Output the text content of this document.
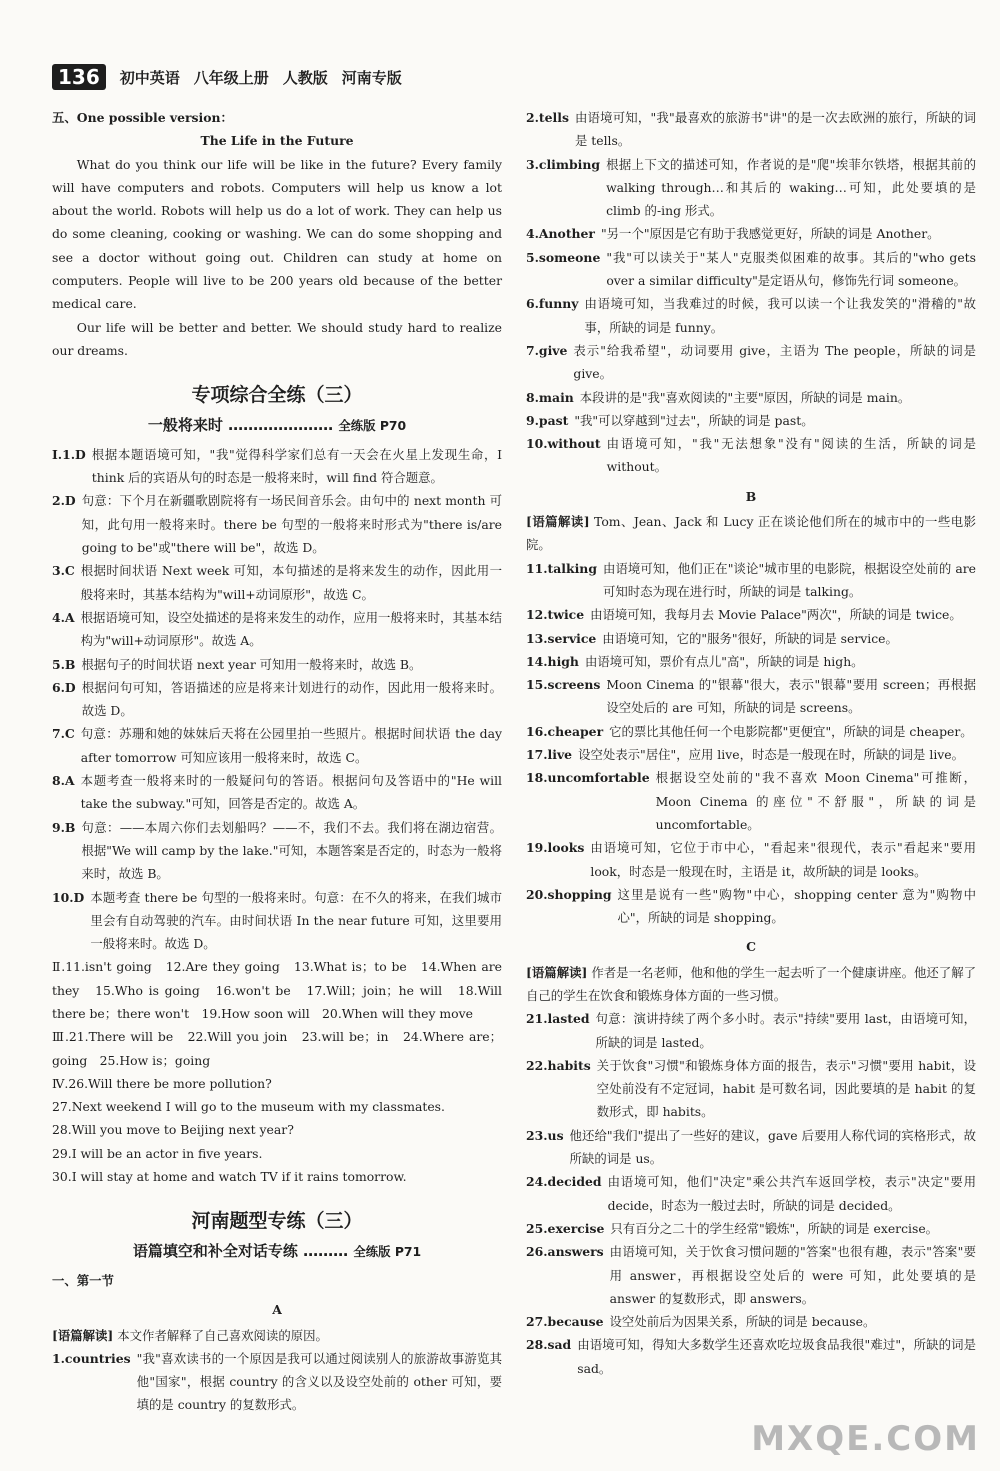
136	初中英语 八年级上册 人教版 河南专版

五、One possible version：

The Life in the Future

What do you think our life will be like in the future? Every family will have computers and robots. Computers will help us know a lot about the world. Robots will help us do a lot of work. They can help us do some cleaning, cooking or washing. We can do some shopping and see a doctor without going out. Children can study at home on computers. People will live to be 200 years old because of the better medical care.

Our life will be better and better. We should study hard to realize our dreams.

专项综合全练（三）
一般将来时 ………………… 全练版 P70
Ⅰ.1.D 根据本题语境可知，"我"觉得科学家们总有一天会在火星上发现生命，I think 后的宾语从句的时态是一般将来时，will find 符合题意。
2.D 句意：下个月在新疆歌剧院将有一场民间音乐会。由句中的 next month 可知，此句用一般将来时。there be 句型的一般将来时形式为"there is/are going to be"或"there will be"，故选 D。
3.C 根据时间状语 Next week 可知，本句描述的是将来发生的动作，因此用一般将来时，其基本结构为"will+动词原形"，故选 C。
4.A 根据语境可知，设空处描述的是将来发生的动作，应用一般将来时，其基本结构为"will+动词原形"。故选 A。
5.B 根据句子的时间状语 next year 可知用一般将来时，故选 B。
6.D 根据问句可知，答语描述的应是将来计划进行的动作，因此用一般将来时。故选 D。
7.C 句意：苏珊和她的妹妹后天将在公园里拍一些照片。根据时间状语 the day after tomorrow 可知应该用一般将来时，故选 C。
8.A 本题考查一般将来时的一般疑问句的答语。根据问句及答语中的"He will take the subway."可知，回答是否定的。故选 A。
9.B 句意：——本周六你们去划船吗？——不，我们不去。我们将在湖边宿营。根据"We will camp by the lake."可知，本题答案是否定的，时态为一般将来时，故选 B。
10.D 本题考查 there be 句型的一般将来时。句意：在不久的将来，在我们城市里会有自动驾驶的汽车。由时间状语 In the near future 可知，这里要用一般将来时。故选 D。

Ⅱ.11.isn't going　12.Are they going　13.What is；to be　14.When are they　15.Who is going　16.won't be　17.Will；join；he will　18.Will there be；there won't　19.How soon will　20.When will they move

Ⅲ.21.There will be　22.Will you join　23.will be；in　24.Where are；going　25.How is；going

Ⅳ.26.Will there be more pollution?

27.Next weekend I will go to the museum with my classmates.

28.Will you move to Beijing next year?

29.I will be an actor in five years.

30.I will stay at home and watch TV if it rains tomorrow.

河南题型专练（三）
语篇填空和补全对话专练 ……… 全练版 P71

一、第一节

A

[语篇解读] 本文作者解释了自己喜欢阅读的原因。

1.countries "我"喜欢读书的一个原因是我可以通过阅读别人的旅游故事游览其他"国家"，根据 country 的含义以及设空处前的 other 可知，要填的是 country 的复数形式。
2.tells 由语境可知，"我"最喜欢的旅游书"讲"的是一次去欧洲的旅行，所缺的词是 tells。
3.climbing 根据上下文的描述可知，作者说的是"爬"埃菲尔铁塔，根据其前的 walking through…和其后的 waking…可知，此处要填的是 climb 的-ing 形式。
4.Another "另一个"原因是它有助于我感觉更好，所缺的词是 Another。
5.someone "我"可以读关于"某人"克服类似困难的故事。其后的"who gets over a similar difficulty"是定语从句，修饰先行词 someone。
6.funny 由语境可知，当我难过的时候，我可以读一个让我发笑的"滑稽的"故事，所缺的词是 funny。
7.give 表示"给我希望"，动词要用 give，主语为 The people，所缺的词是 give。
8.main 本段讲的是"我"喜欢阅读的"主要"原因，所缺的词是 main。
9.past "我"可以穿越到"过去"，所缺的词是 past。
10.without 由语境可知，"我"无法想象"没有"阅读的生活，所缺的词是 without。

B

[语篇解读] Tom、Jean、Jack 和 Lucy 正在谈论他们所在的城市中的一些电影院。

11.talking 由语境可知，他们正在"谈论"城市里的电影院，根据设空处前的 are 可知时态为现在进行时，所缺的词是 talking。
12.twice 由语境可知，我每月去 Movie Palace"两次"，所缺的词是 twice。
13.service 由语境可知，它的"服务"很好，所缺的词是 service。
14.high 由语境可知，票价有点儿"高"，所缺的词是 high。
15.screens Moon Cinema 的"银幕"很大，表示"银幕"要用 screen；再根据设空处后的 are 可知，所缺的词是 screens。
16.cheaper 它的票比其他任何一个电影院都"更便宜"，所缺的词是 cheaper。
17.live 设空处表示"居住"，应用 live，时态是一般现在时，所缺的词是 live。
18.uncomfortable 根据设空处前的"我不喜欢 Moon Cinema"可推断，Moon Cinema 的座位"不舒服"，所缺的词是 uncomfortable。
19.looks 由语境可知，它位于市中心，"看起来"很现代，表示"看起来"要用 look，时态是一般现在时，主语是 it，故所缺的词是 looks。
20.shopping 这里是说有一些"购物"中心，shopping center 意为"购物中心"，所缺的词是 shopping。

C

[语篇解读] 作者是一名老师，他和他的学生一起去听了一个健康讲座。他还了解了自己的学生在饮食和锻炼身体方面的一些习惯。

21.lasted 句意：演讲持续了两个多小时。表示"持续"要用 last，由语境可知，所缺的词是 lasted。
22.habits 关于饮食"习惯"和锻炼身体方面的报告，表示"习惯"要用 habit，设空处前没有不定冠词，habit 是可数名词，因此要填的是 habit 的复数形式，即 habits。
23.us 他还给"我们"提出了一些好的建议，gave 后要用人称代词的宾格形式，故所缺的词是 us。
24.decided 由语境可知，他们"决定"乘公共汽车返回学校，表示"决定"要用 decide，时态为一般过去时，所缺的词是 decided。
25.exercise 只有百分之二十的学生经常"锻炼"，所缺的词是 exercise。
26.answers 由语境可知，关于饮食习惯问题的"答案"也很有趣，表示"答案"要用 answer，再根据设空处后的 were 可知，此处要填的是 answer 的复数形式，即 answers。
27.because 设空处前后为因果关系，所缺的词是 because。
28.sad 由语境可知，得知大多数学生还喜欢吃垃圾食品我很"难过"，所缺的词是 sad。
MXQE.COM
